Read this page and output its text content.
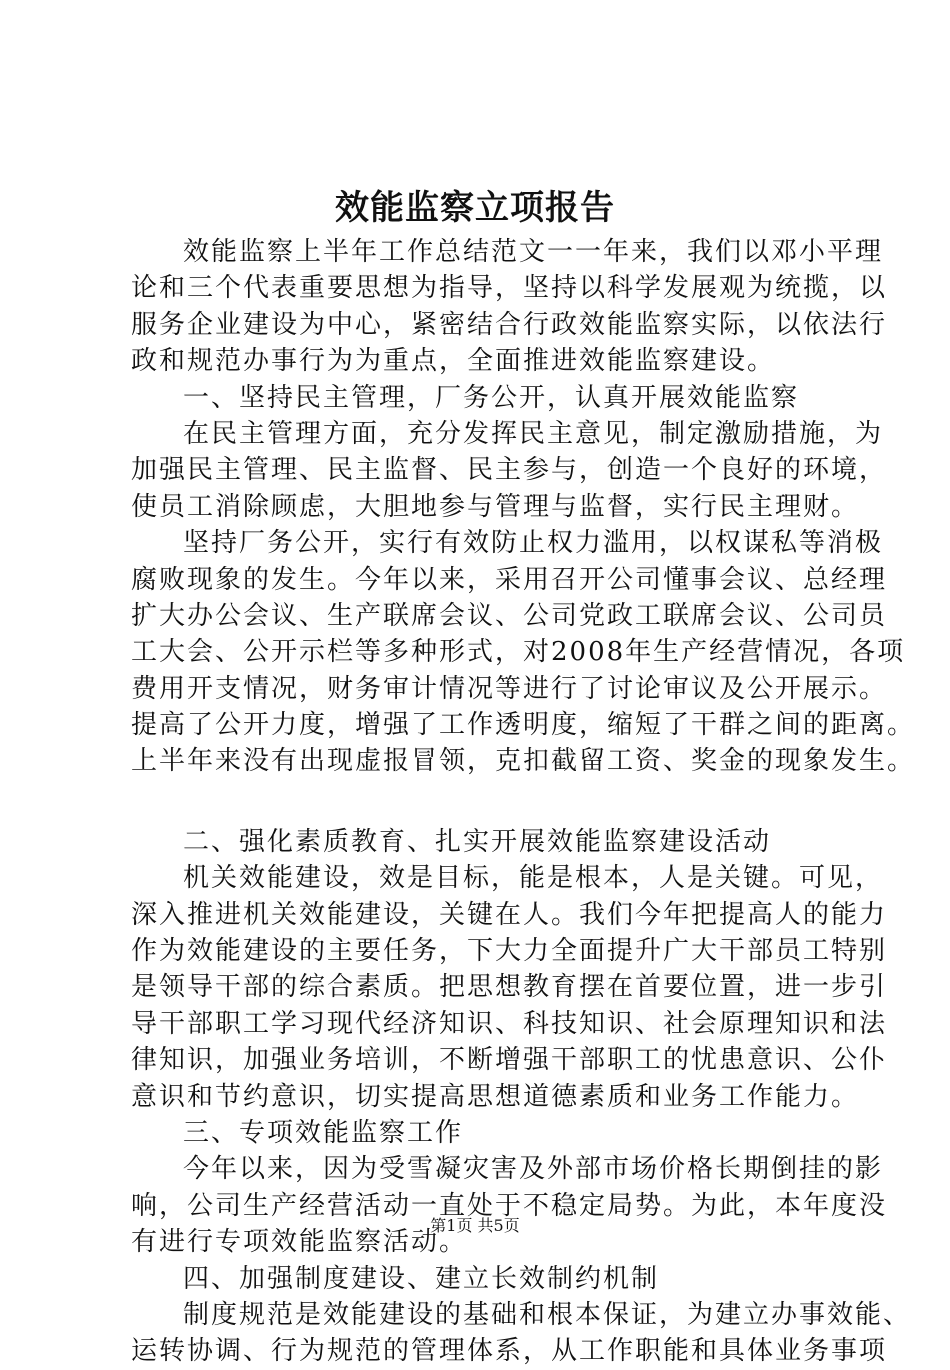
效能监察立项报告
效能监察上半年工作总结范文一一年来，我们以邓小平理
论和三个代表重要思想为指导，坚持以科学发展观为统揽，以
服务企业建设为中心，紧密结合行政效能监察实际，以依法行
政和规范办事行为为重点，全面推进效能监察建设。
一、坚持民主管理，厂务公开，认真开展效能监察
在民主管理方面，充分发挥民主意见，制定激励措施，为
加强民主管理、民主监督、民主参与，创造一个良好的环境，
使员工消除顾虑，大胆地参与管理与监督，实行民主理财。
坚持厂务公开，实行有效防止权力滥用，以权谋私等消极
腐败现象的发生。今年以来，采用召开公司懂事会议、总经理
扩大办公会议、生产联席会议、公司党政工联席会议、公司员
工大会、公开示栏等多种形式，对2008年生产经营情况，各项
费用开支情况，财务审计情况等进行了讨论审议及公开展示。
提高了公开力度，增强了工作透明度，缩短了干群之间的距离。
上半年来没有出现虚报冒领，克扣截留工资、奖金的现象发生。
二、强化素质教育、扎实开展效能监察建设活动
机关效能建设，效是目标，能是根本，人是关键。可见，
深入推进机关效能建设，关键在人。我们今年把提高人的能力
作为效能建设的主要任务，下大力全面提升广大干部员工特别
是领导干部的综合素质。把思想教育摆在首要位置，进一步引
导干部职工学习现代经济知识、科技知识、社会原理知识和法
律知识，加强业务培训，不断增强干部职工的忧患意识、公仆
意识和节约意识，切实提高思想道德素质和业务工作能力。
三、专项效能监察工作
今年以来，因为受雪凝灾害及外部市场价格长期倒挂的影
响，公司生产经营活动一直处于不稳定局势。为此，本年度没
有进行专项效能监察活动。
四、加强制度建设、建立长效制约机制
制度规范是效能建设的基础和根本保证，为建立办事效能、
运转协调、行为规范的管理体系，从工作职能和具体业务事项
第1页 共5页
